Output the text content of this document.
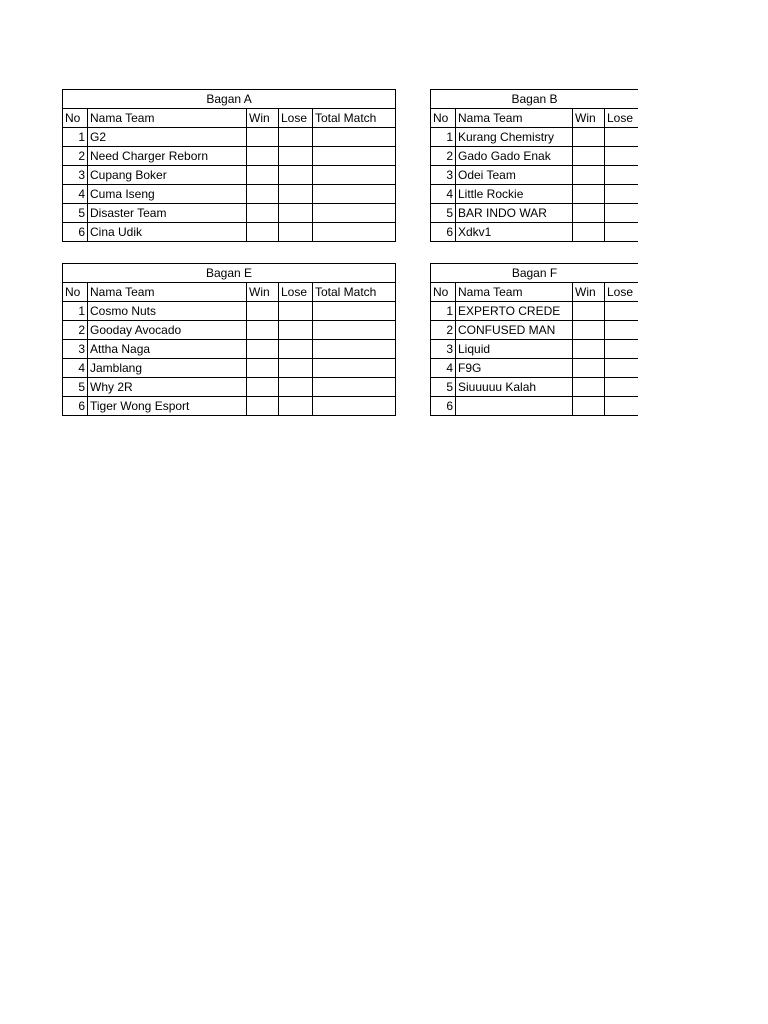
Bagan A				
No	Nama Team	Win	Lose	Total Match
1	G2			
2	Need Charger Reborn			
3	Cupang Boker			
4	Cuma Iseng			
5	Disaster Team			
6	Cina Udik			
Bagan B				
No	Nama Team	Win	Lose	
1	Kurang Chemistry			
2	Gado Gado Enak			
3	Odei Team			
4	Little Rockie			
5	BAR INDO WAR			
6	Xdkv1			
Bagan E				
No	Nama Team	Win	Lose	Total Match
1	Cosmo Nuts			
2	Gooday Avocado			
3	Attha Naga			
4	Jamblang			
5	Why 2R			
6	Tiger Wong Esport			
Bagan F				
No	Nama Team	Win	Lose	
1	EXPERTO CREDE			
2	CONFUSED MAN			
3	Liquid			
4	F9G			
5	Siuuuuu Kalah			
6				
